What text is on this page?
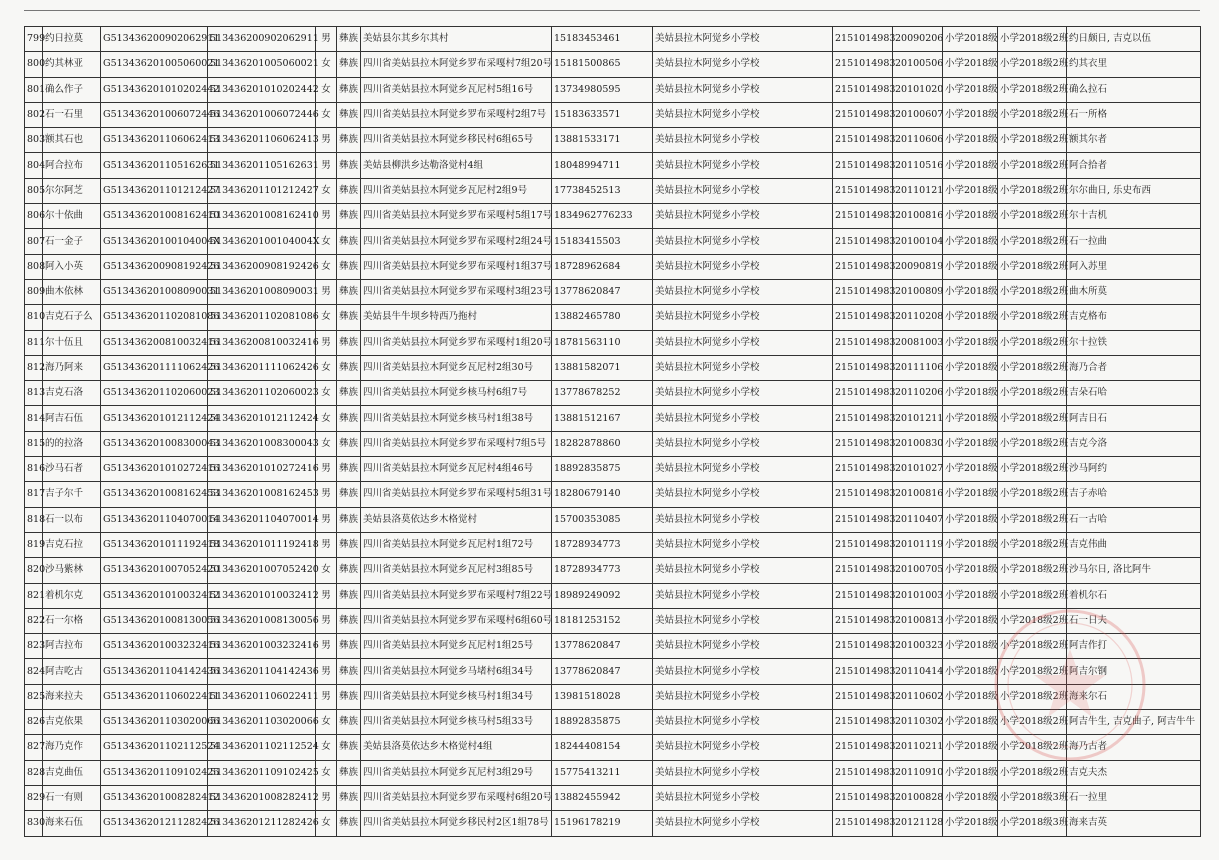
799	约日拉莫	G513436200902062911	513436200902062911	男	彝族	美姑县尔其乡尔其村	15183453461	美姑县拉木阿觉乡小学校	2151014983	20090206	小学2018级	小学2018级2班	约日颇日, 吉克以伍
800	约其林亚	G513436201005060021	513436201005060021	女	彝族	四川省美姑县拉木阿觉乡罗布采嘎村7组20号	15181500865	美姑县拉木阿觉乡小学校	2151014983	20100506	小学2018级	小学2018级2班	约其衣里
801	确么作子	G513436201010202442	513436201010202442	女	彝族	四川省美姑县拉木阿觉乡瓦尼村5组16号	13734980595	美姑县拉木阿觉乡小学校	2151014983	20101020	小学2018级	小学2018级2班	确么拉石
802	石一石里	G513436201006072446	513436201006072446	女	彝族	四川省美姑县拉木阿觉乡罗布采嘎村2组7号	15183633571	美姑县拉木阿觉乡小学校	2151014983	20100607	小学2018级	小学2018级2班	石一所格
803	额其石也	G513436201106062413	513436201106062413	男	彝族	四川省美姑县拉木阿觉乡移民村6组65号	13881533171	美姑县拉木阿觉乡小学校	2151014983	20110606	小学2018级	小学2018级2班	额其尔者
804	阿合拉布	G513436201105162631	513436201105162631	男	彝族	美姑县柳洪乡达勒洛觉村4组	18048994711	美姑县拉木阿觉乡小学校	2151014983	20110516	小学2018级	小学2018级2班	阿合拾者
805	尔尔阿芝	G513436201101212427	513436201101212427	女	彝族	四川省美姑县拉木阿觉乡瓦尼村2组9号	17738452513	美姑县拉木阿觉乡小学校	2151014983	20110121	小学2018级	小学2018级2班	尔尔曲日, 乐史布西
806	尔十依曲	G513436201008162410	513436201008162410	男	彝族	四川省美姑县拉木阿觉乡罗布采嘎村5组17号	18349627762​33	美姑县拉木阿觉乡小学校	2151014983	20100816	小学2018级	小学2018级2班	尔十吉机
807	石一金子	G51343620100104004X	51343620100104004X	女	彝族	四川省美姑县拉木阿觉乡罗布采嘎村2组24号	15183415503	美姑县拉木阿觉乡小学校	2151014983	20100104	小学2018级	小学2018级2班	石一拉曲
808	阿入小英	G513436200908192426	513436200908192426	女	彝族	四川省美姑县拉木阿觉乡罗布采嘎村1组37号	18728962684	美姑县拉木阿觉乡小学校	2151014983	20090819	小学2018级	小学2018级2班	阿入苏里
809	曲木依林	G513436201008090031	513436201008090031	男	彝族	四川省美姑县拉木阿觉乡罗布采嘎村3组23号	13778620847	美姑县拉木阿觉乡小学校	2151014983	20100809	小学2018级	小学2018级2班	曲木所莫
810	吉克石子么	G513436201102081086	513436201102081086	女	彝族	美姑县牛牛坝乡特西乃拖村	13882465780	美姑县拉木阿觉乡小学校	2151014983	20110208	小学2018级	小学2018级2班	吉克格布
811	尔十伍且	G513436200810032416	513436200810032416	男	彝族	四川省美姑县拉木阿觉乡罗布采嘎村1组20号	18781563110	美姑县拉木阿觉乡小学校	2151014983	20081003	小学2018级	小学2018级2班	尔十拉铁
812	海乃阿来	G513436201111062426	513436201111062426	女	彝族	四川省美姑县拉木阿觉乡瓦尼村2组30号	13881582071	美姑县拉木阿觉乡小学校	2151014983	20111106	小学2018级	小学2018级2班	海乃合者
813	吉克石洛	G513436201102060023	513436201102060023	女	彝族	四川省美姑县拉木阿觉乡核马村6组7号	13778678252	美姑县拉木阿觉乡小学校	2151014983	20110206	小学2018级	小学2018级2班	吉朵石哈
814	阿吉石伍	G513436201012112424	513436201012112424	女	彝族	四川省美姑县拉木阿觉乡核马村1组38号	13881512167	美姑县拉木阿觉乡小学校	2151014983	20101211	小学2018级	小学2018级2班	阿吉日石
815	的的拉洛	G513436201008300043	513436201008300043	女	彝族	四川省美姑县拉木阿觉乡罗布采嘎村7组5号	18282878860	美姑县拉木阿觉乡小学校	2151014983	20100830	小学2018级	小学2018级2班	吉克今洛
816	沙马石者	G513436201010272416	513436201010272416	男	彝族	四川省美姑县拉木阿觉乡瓦尼村4组46号	18892835875	美姑县拉木阿觉乡小学校	2151014983	20101027	小学2018级	小学2018级2班	沙马阿约
817	吉子尔千	G513436201008162453	513436201008162453	男	彝族	四川省美姑县拉木阿觉乡罗布采嘎村5组31号	18280679140	美姑县拉木阿觉乡小学校	2151014983	20100816	小学2018级	小学2018级2班	吉子赤哈
818	石一以布	G513436201104070014	513436201104070014	男	彝族	美姑县洛莫依达乡木格觉村	15700353085	美姑县拉木阿觉乡小学校	2151014983	20110407	小学2018级	小学2018级2班	石一古哈
819	吉克石拉	G513436201011192418	513436201011192418	男	彝族	四川省美姑县拉木阿觉乡瓦尼村1组72号	18728934773	美姑县拉木阿觉乡小学校	2151014983	20101119	小学2018级	小学2018级2班	吉克伟曲
820	沙马紫林	G513436201007052420	513436201007052420	女	彝族	四川省美姑县拉木阿觉乡瓦尼村3组85号	18728934773	美姑县拉木阿觉乡小学校	2151014983	20100705	小学2018级	小学2018级2班	沙马尔日, 洛比阿牛
821	着机尔克	G513436201010032412	513436201010032412	男	彝族	四川省美姑县拉木阿觉乡罗布采嘎村7组22号	18989249092	美姑县拉木阿觉乡小学校	2151014983	20101003	小学2018级	小学2018级2班	着机尔石
822	石一尔格	G513436201008130056	513436201008130056	男	彝族	四川省美姑县拉木阿觉乡罗布采嘎村6组60号	18181253152	美姑县拉木阿觉乡小学校	2151014983	20100813	小学2018级	小学2018级2班	石一日夫
823	阿吉拉布	G513436201003232416	513436201003232416	男	彝族	四川省美姑县拉木阿觉乡瓦尼村1组25号	13778620847	美姑县拉木阿觉乡小学校	2151014983	20100323	小学2018级	小学2018级2班	阿吉作打
824	阿吉吃古	G513436201104142436	513436201104142436	男	彝族	四川省美姑县拉木阿觉乡马堵村6组34号	13778620847	美姑县拉木阿觉乡小学校	2151014983	20110414	小学2018级	小学2018级2班	阿吉尔钢
825	海来拉夫	G513436201106022411	513436201106022411	男	彝族	四川省美姑县拉木阿觉乡核马村1组34号	13981518028	美姑县拉木阿觉乡小学校	2151014983	20110602	小学2018级	小学2018级2班	海来尔石
826	吉克依果	G513436201103020066	513436201103020066	女	彝族	四川省美姑县拉木阿觉乡核马村5组33号	18892835875	美姑县拉木阿觉乡小学校	2151014983	20110302	小学2018级	小学2018级2班	阿吉牛生, 吉克曲子, 阿吉牛牛
827	海乃克作	G513436201102112524	513436201102112524	女	彝族	美姑县洛莫依达乡木格觉村4组	18244408154	美姑县拉木阿觉乡小学校	2151014983	20110211	小学2018级	小学2018级2班	海乃古者
828	吉克曲伍	G513436201109102425	513436201109102425	女	彝族	四川省美姑县拉木阿觉乡瓦尼村3组29号	15775413211	美姑县拉木阿觉乡小学校	2151014983	20110910	小学2018级	小学2018级2班	吉克夫杰
829	石一有则	G513436201008282412	513436201008282412	男	彝族	四川省美姑县拉木阿觉乡罗布采嘎村6组20号	13882455942	美姑县拉木阿觉乡小学校	2151014983	20100828	小学2018级	小学2018级3班	石一拉里
830	海来石伍	G513436201211282426	513436201211282426	女	彝族	四川省美姑县拉木阿觉乡移民村2区1组78号	15196178219	美姑县拉木阿觉乡小学校	2151014983	20121128	小学2018级	小学2018级3班	海来吉英
